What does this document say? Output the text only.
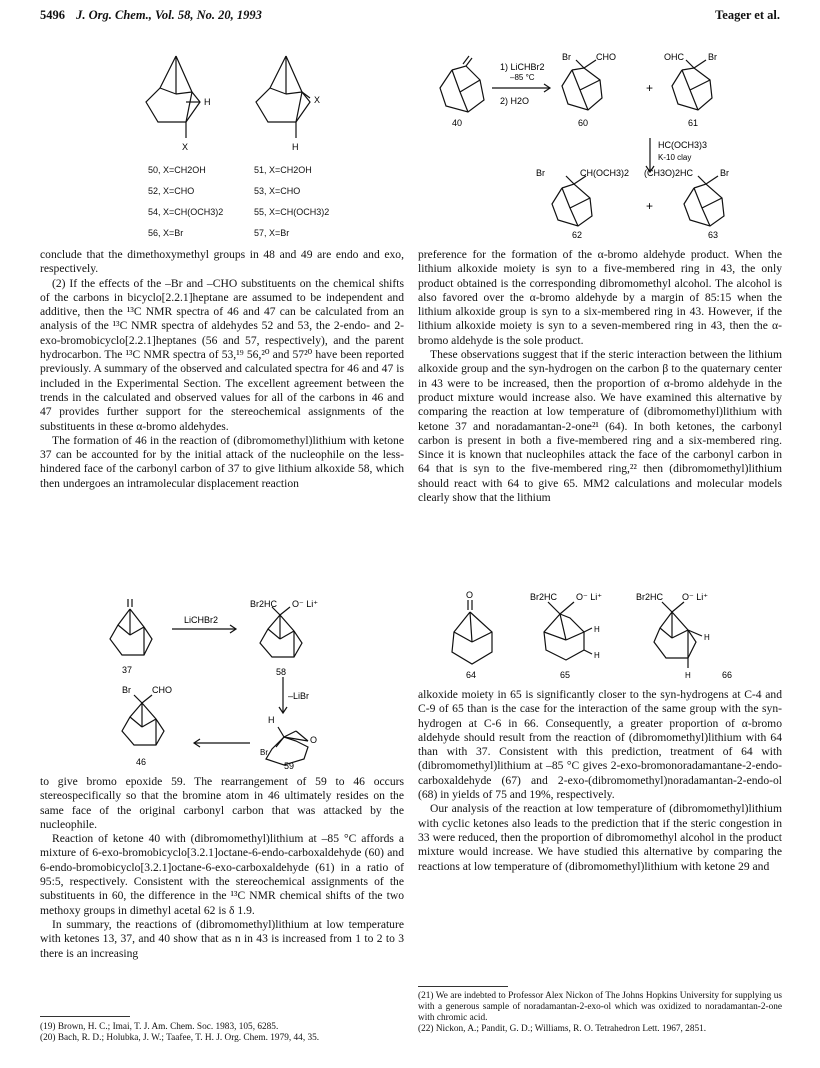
5496 J. Org. Chem., Vol. 58, No. 20, 1993	Teager et al.
H
X
X
H
50, X=CH2OH
52, X=CHO
54, X=CH(OCH3)2
56, X=Br
51, X=CH2OH
53, X=CHO
55, X=CH(OCH3)2
57, X=Br

conclude that the dimethoxymethyl groups in 48 and 49 are endo and exo, respectively.

(2) If the effects of the –Br and –CHO substituents on the chemical shifts of the carbons in bicyclo[2.2.1]heptane are assumed to be independent and additive, then the ¹³C NMR spectra of 46 and 47 can be calculated from an analysis of the ¹³C NMR spectra of aldehydes 52 and 53, the 2-endo- and 2-exo-bromobicyclo[2.2.1]heptanes (56 and 57, respectively), and the parent hydrocarbon. The ¹³C NMR spectra of 53,¹⁹ 56,²⁰ and 57²⁰ have been reported previously. A summary of the observed and calculated spectra for 46 and 47 is included in the Experimental Section. The excellent agreement between the trends in the calculated and observed values for all of the carbons in 46 and 47 provides further support for the stereochemical assignments of the substituents in these α-bromo aldehydes.

The formation of 46 in the reaction of (dibromomethyl)lithium with ketone 37 can be accounted for by the initial attack of the nucleophile on the less-hindered face of the carbonyl carbon of 37 to give lithium alkoxide 58, which then undergoes an intramolecular displacement reaction

37
LiCHBr2
Br2HC O⁻ Li⁺
58
–LiBr
H
Br
O
59
Br CHO
46

to give bromo epoxide 59. The rearrangement of 59 to 46 occurs stereospecifically so that the bromine atom in 46 ultimately resides on the same face of the original carbonyl carbon that was attacked by the nucleophile.

Reaction of ketone 40 with (dibromomethyl)lithium at –85 °C affords a mixture of 6-exo-bromobicyclo[3.2.1]octane-6-endo-carboxaldehyde (60) and 6-endo-bromobicyclo[3.2.1]octane-6-exo-carboxaldehyde (61) in a ratio of 95:5, respectively. Consistent with the stereochemical assignments of the substituents in 60, the difference in the ¹³C NMR chemical shifts of the two methoxy groups in dimethyl acetal 62 is δ 1.9.

In summary, the reactions of (dibromomethyl)lithium at low temperature with ketones 13, 37, and 40 show that as n in 43 is increased from 1 to 2 to 3 there is an increasing

(19) Brown, H. C.; Imai, T. J. Am. Chem. Soc. 1983, 105, 6285.
(20) Bach, R. D.; Holubka, J. W.; Taafee, T. H. J. Org. Chem. 1979, 44, 35.
1) LiCHBr2
–85 °C
2) H2O
40
Br	CHO
60
OHC	Br
+
61
HC(OCH3)3
K-10 clay
Br	CH(OCH3)2 (CH3O)2HC	Br
+
62	63

preference for the formation of the α-bromo aldehyde product. When the lithium alkoxide moiety is syn to a five-membered ring in 43, the only product obtained is the corresponding dibromomethyl alcohol. The alcohol is also favored over the α-bromo aldehyde by a margin of 85:15 when the lithium alkoxide group is syn to a six-membered ring in 43. However, if the lithium alkoxide moiety is syn to a seven-membered ring in 43, then the α-bromo aldehyde is the sole product.

These observations suggest that if the steric interaction between the lithium alkoxide group and the syn-hydrogen on the carbon β to the quaternary center in 43 were to be increased, then the proportion of α-bromo aldehyde in the product mixture would increase also. We have examined this alternative by comparing the reaction at low temperature of (dibromomethyl)lithium with ketone 37 and noradamantan-2-one²¹ (64). In both ketones, the carbonyl carbon is present in both a five-membered ring and a six-membered ring. Since it is known that nucleophiles attack the face of the carbonyl carbon in 64 that is syn to the five-membered ring,²² then (dibromomethyl)lithium should react with 64 to give 65. MM2 calculations and molecular models clearly show that the lithium

O
64
Br2HC O⁻ Li⁺
H
H
65
Br2HC O⁻ Li⁺
H
H	66

alkoxide moiety in 65 is significantly closer to the syn-hydrogens at C-4 and C-9 of 65 than is the case for the interaction of the same group with the syn-hydrogen at C-6 in 66. Consequently, a greater proportion of α-bromo aldehyde should result from the reaction of (dibromomethyl)lithium with 64 than with 37. Consistent with this prediction, treatment of 64 with (dibromomethyl)lithium at –85 °C gives 2-exo-bromonoradamantane-2-endo-carboxaldehyde (67) and 2-exo-(dibromomethyl)noradamantan-2-endo-ol (68) in yields of 75 and 19%, respectively.

Our analysis of the reaction at low temperature of (dibromomethyl)lithium with cyclic ketones also leads to the prediction that if the steric congestion in 33 were reduced, then the proportion of dibromomethyl alcohol in the product mixture would increase. We have studied this alternative by comparing the reactions at low temperature of (dibromomethyl)lithium with ketone 29 and

(21) We are indebted to Professor Alex Nickon of The Johns Hopkins University for supplying us with a generous sample of noradamantan-2-exo-ol which was oxidized to noradamantan-2-one with chromic acid.
(22) Nickon, A.; Pandit, G. D.; Williams, R. O. Tetrahedron Lett. 1967, 2851.
